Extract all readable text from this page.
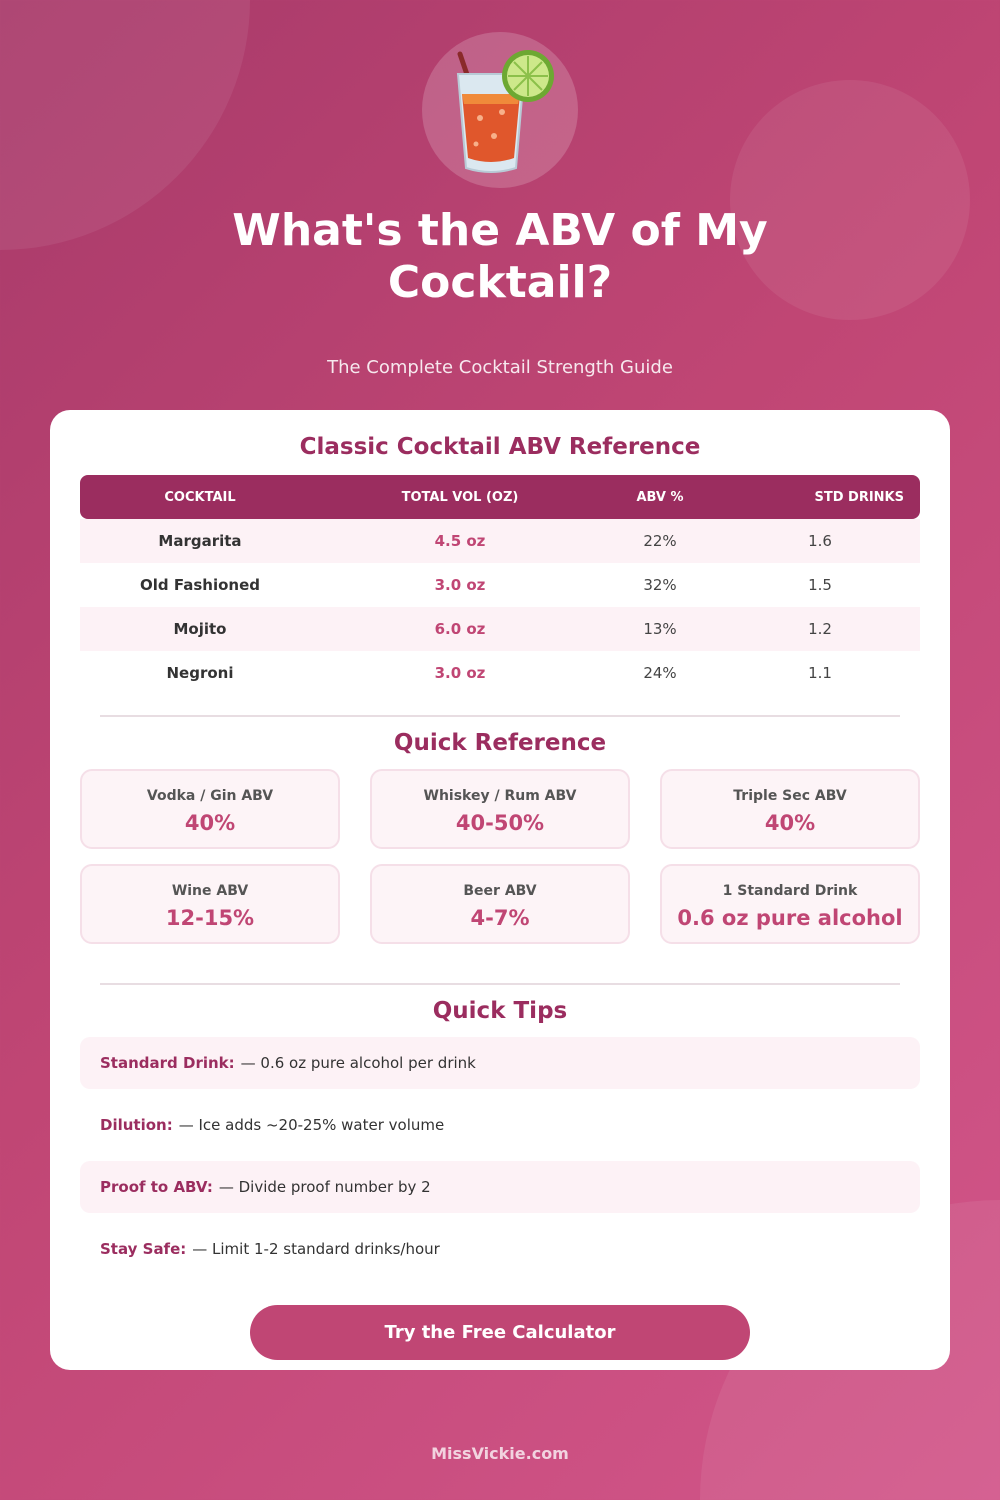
What's the ABV of My Cocktail?
The Complete Cocktail Strength Guide
Classic Cocktail ABV Reference
COCKTAIL	TOTAL VOL (OZ)	ABV %	STD DRINKS
Margarita	4.5 oz	22%	1.6
Old Fashioned	3.0 oz	32%	1.5
Mojito	6.0 oz	13%	1.2
Negroni	3.0 oz	24%	1.1
Quick Reference
Vodka / Gin ABV
40%
Whiskey / Rum ABV
40-50%
Triple Sec ABV
40%
Wine ABV
12-15%
Beer ABV
4-7%
1 Standard Drink
0.6 oz pure alcohol
Quick Tips
Standard Drink: — 0.6 oz pure alcohol per drink
Dilution: — Ice adds ~20-25% water volume
Proof to ABV: — Divide proof number by 2
Stay Safe: — Limit 1-2 standard drinks/hour
Try the Free Calculator
MissVickie.com
